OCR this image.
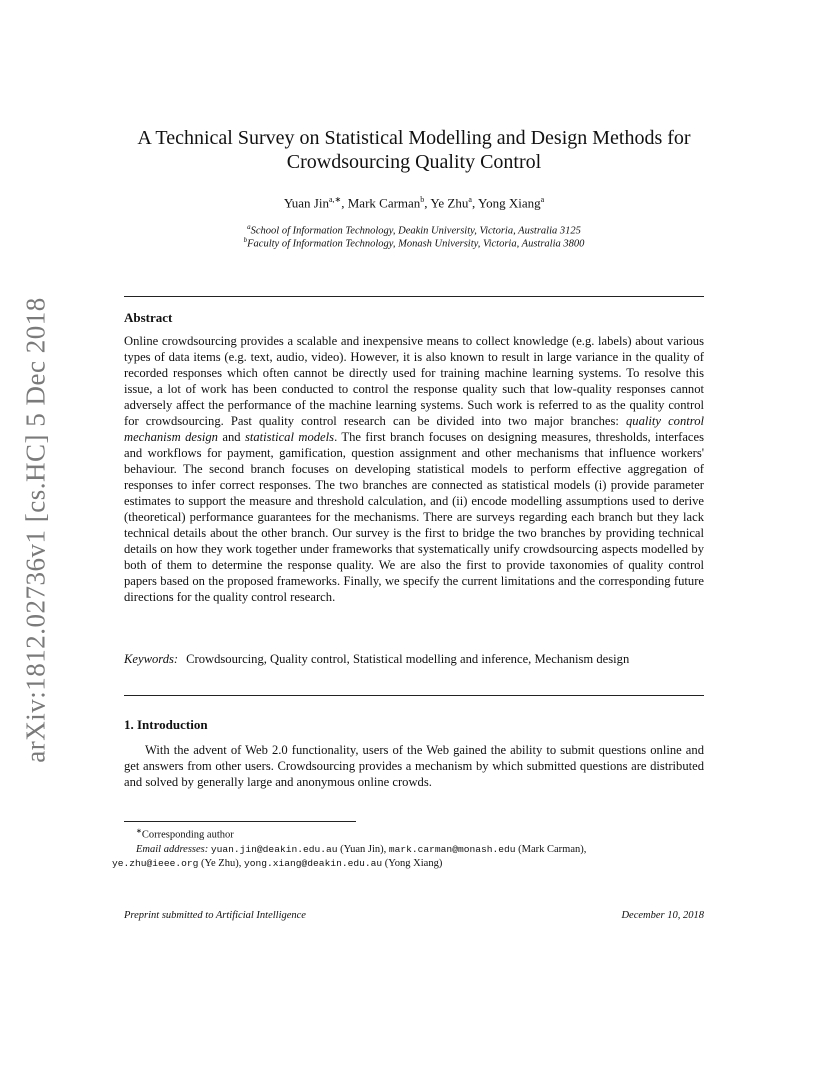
arXiv:1812.02736v1 [cs.HC] 5 Dec 2018
A Technical Survey on Statistical Modelling and Design Methods for
Crowdsourcing Quality Control
Yuan Jin$^{a,∗}$, Mark Carman$^b$, Ye Zhu$^a$, Yong Xiang$^a$
$^a$School of Information Technology, Deakin University, Victoria, Australia 3125
$^b$Faculty of Information Technology, Monash University, Victoria, Australia 3800
Abstract
Online crowdsourcing provides a scalable and inexpensive means to collect knowledge (e.g. labels) about various types of data items (e.g. text, audio, video). However, it is also known to result in large variance in the quality of recorded responses which often cannot be directly used for training machine learning systems. To resolve this issue, a lot of work has been conducted to control the response quality such that low-quality responses cannot adversely affect the performance of the machine learning systems. Such work is referred to as the quality control for crowdsourcing. Past quality control research can be divided into two major branches: quality control mechanism design and statistical models. The first branch focuses on designing measures, thresholds, interfaces and workflows for payment, gamification, question assignment and other mechanisms that influence workers' behaviour. The second branch focuses on developing statistical models to perform effective aggregation of responses to infer correct responses. The two branches are connected as statistical models (i) provide parameter estimates to support the measure and threshold calculation, and (ii) encode modelling assumptions used to derive (theoretical) performance guarantees for the mechanisms. There are surveys regarding each branch but they lack technical details about the other branch. Our survey is the first to bridge the two branches by providing technical details on how they work together under frameworks that systematically unify crowdsourcing aspects modelled by both of them to determine the response quality. We are also the first to provide taxonomies of quality control papers based on the proposed frameworks. Finally, we specify the current limitations and the corresponding future directions for the quality control research.
Keywords: Crowdsourcing, Quality control, Statistical modelling and inference, Mechanism design
1. Introduction
With the advent of Web 2.0 functionality, users of the Web gained the ability to submit questions online and get answers from other users. Crowdsourcing provides a mechanism by which submitted questions are distributed and solved by generally large and anonymous online crowds.
∗Corresponding author
Email addresses: yuan.jin@deakin.edu.au (Yuan Jin), mark.carman@monash.edu (Mark Carman),
ye.zhu@ieee.org (Ye Zhu), yong.xiang@deakin.edu.au (Yong Xiang)
Preprint submitted to Artificial Intelligence	December 10, 2018
